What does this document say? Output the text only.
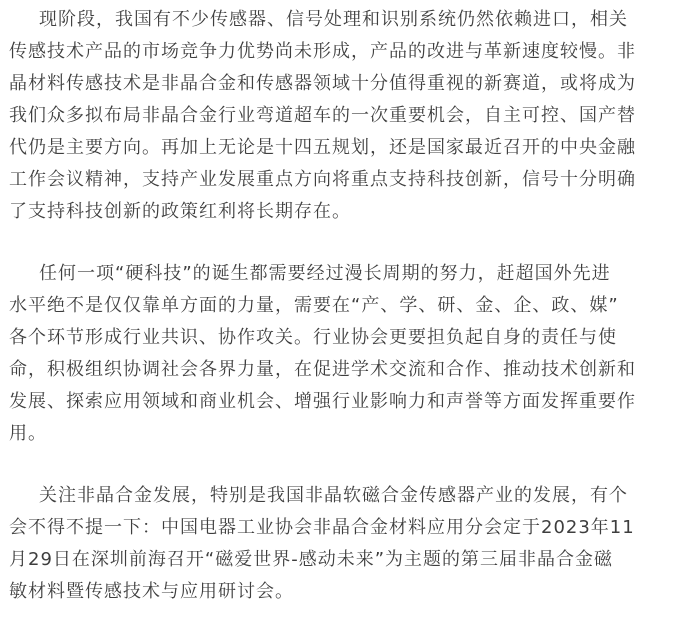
现阶段，我国有不少传感器、信号处理和识别系统仍然依赖进口，相关
传感技术产品的市场竞争力优势尚未形成，产品的改进与革新速度较慢。非
晶材料传感技术是非晶合金和传感器领域十分值得重视的新赛道，或将成为
我们众多拟布局非晶合金行业弯道超车的一次重要机会，自主可控、国产替
代仍是主要方向。再加上无论是十四五规划，还是国家最近召开的中央金融
工作会议精神，支持产业发展重点方向将重点支持科技创新，信号十分明确
了支持科技创新的政策红利将长期存在。

任何一项“硬科技”的诞生都需要经过漫长周期的努力，赶超国外先进
水平绝不是仅仅靠单方面的力量，需要在“产、学、研、金、企、政、媒”
各个环节形成行业共识、协作攻关。行业协会更要担负起自身的责任与使
命，积极组织协调社会各界力量，在促进学术交流和合作、推动技术创新和
发展、探索应用领域和商业机会、增强行业影响力和声誉等方面发挥重要作
用。

关注非晶合金发展，特别是我国非晶软磁合金传感器产业的发展，有个
会不得不提一下：中国电器工业协会非晶合金材料应用分会定于2023年11
月29日在深圳前海召开“磁爱世界-感动未来”为主题的第三届非晶合金磁
敏材料暨传感技术与应用研讨会。
